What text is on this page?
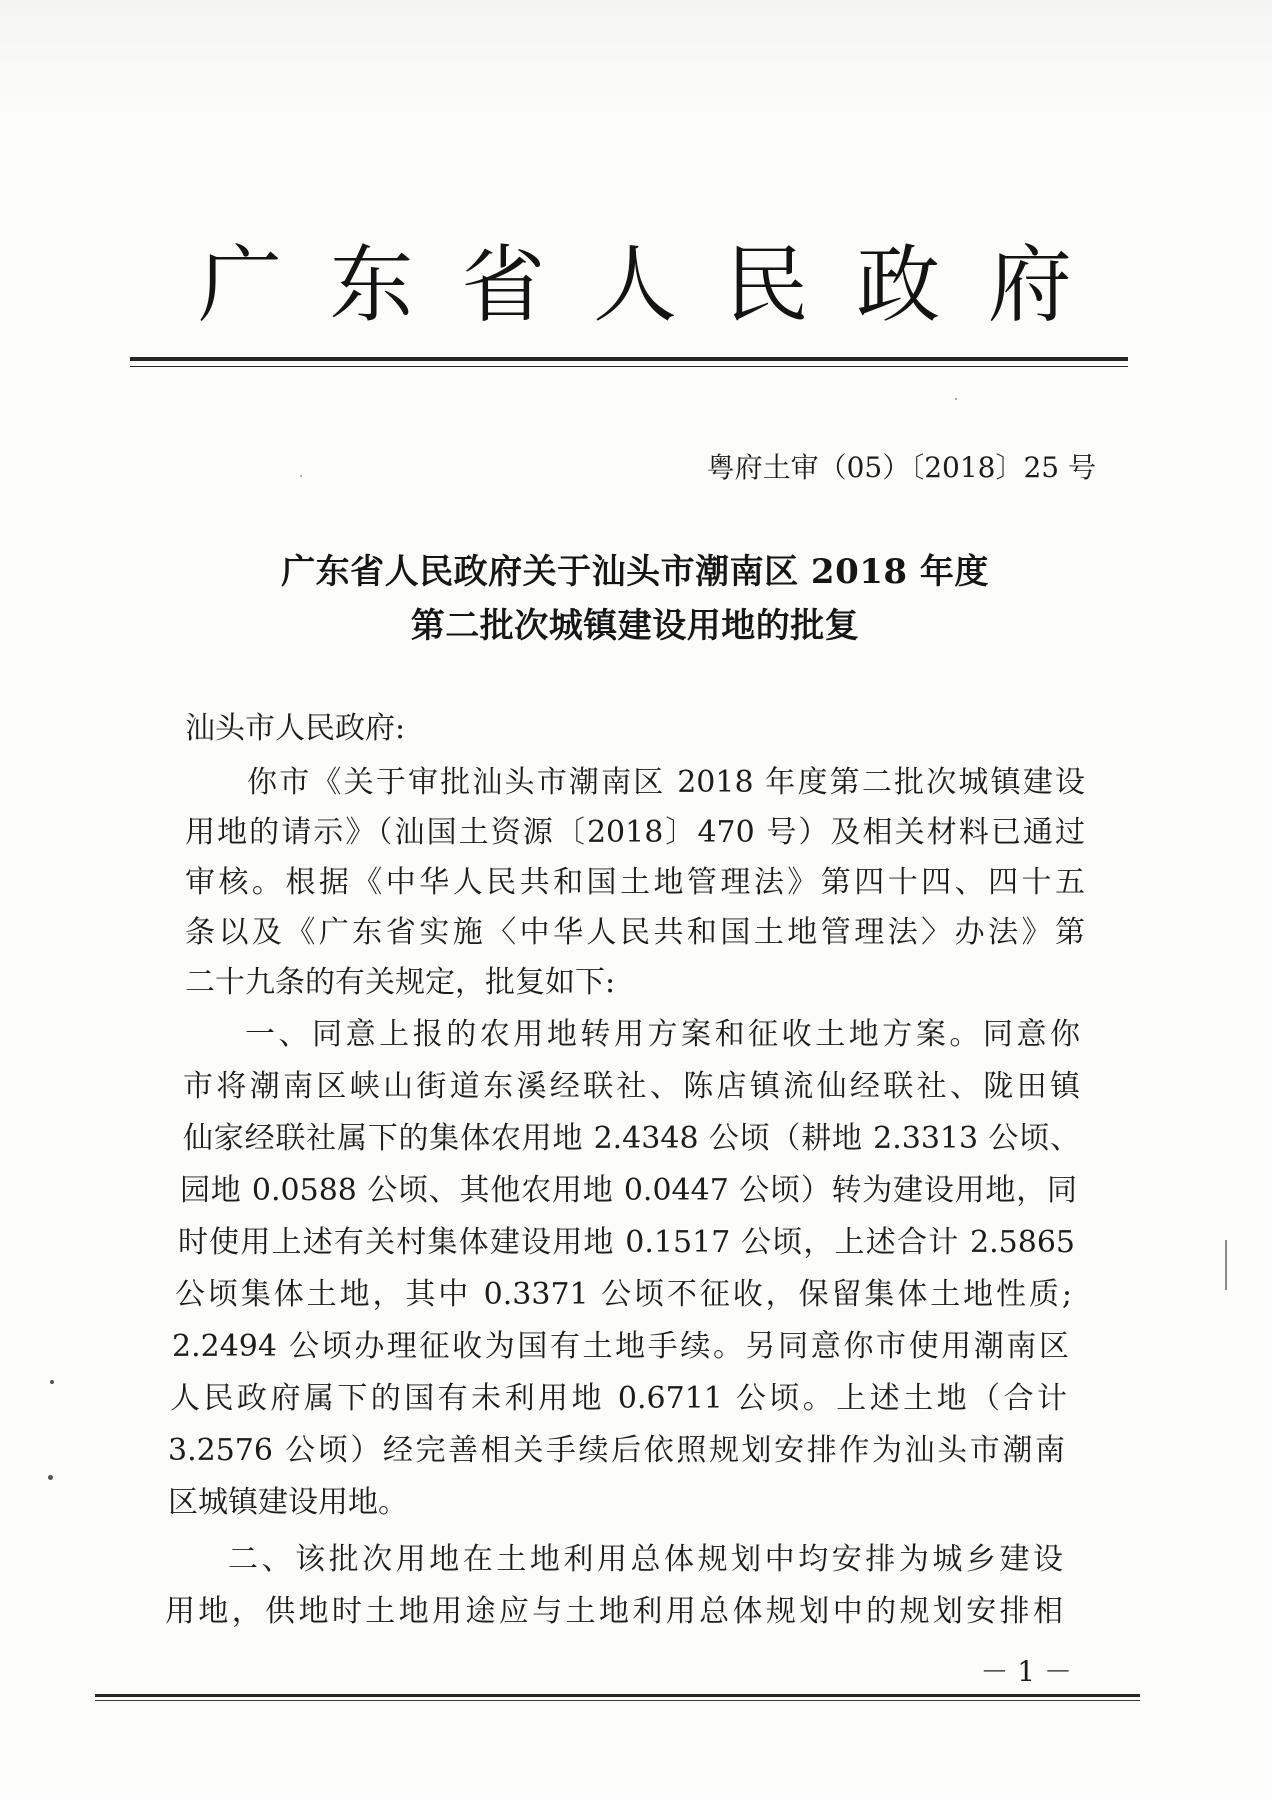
广 东 省 人 民 政 府
粤府土审（05）〔2018〕25 号
广东省人民政府关于汕头市潮南区 2018 年度
第二批次城镇建设用地的批复
汕头市人民政府:
你市《关于审批汕头市潮南区 2018 年度第二批次城镇建设
用地的请示》（汕国土资源〔2018〕470 号）及相关材料已通过
审核。根据《中华人民共和国土地管理法》第四十四、四十五
条以及《广东省实施〈中华人民共和国土地管理法〉办法》第
二十九条的有关规定，批复如下:
一、同意上报的农用地转用方案和征收土地方案。同意你
市将潮南区峡山街道东溪经联社、陈店镇流仙经联社、陇田镇
仙家经联社属下的集体农用地 2.4348 公顷（耕地 2.3313 公顷、
园地 0.0588 公顷、其他农用地 0.0447 公顷）转为建设用地，同
时使用上述有关村集体建设用地 0.1517 公顷，上述合计 2.5865
公顷集体土地，其中 0.3371 公顷不征收，保留集体土地性质;
2.2494 公顷办理征收为国有土地手续。另同意你市使用潮南区
人民政府属下的国有未利用地 0.6711 公顷。上述土地（合计
3.2576 公顷）经完善相关手续后依照规划安排作为汕头市潮南
区城镇建设用地。
二、该批次用地在土地利用总体规划中均安排为城乡建设
用地，供地时土地用途应与土地利用总体规划中的规划安排相
－ 1 －
